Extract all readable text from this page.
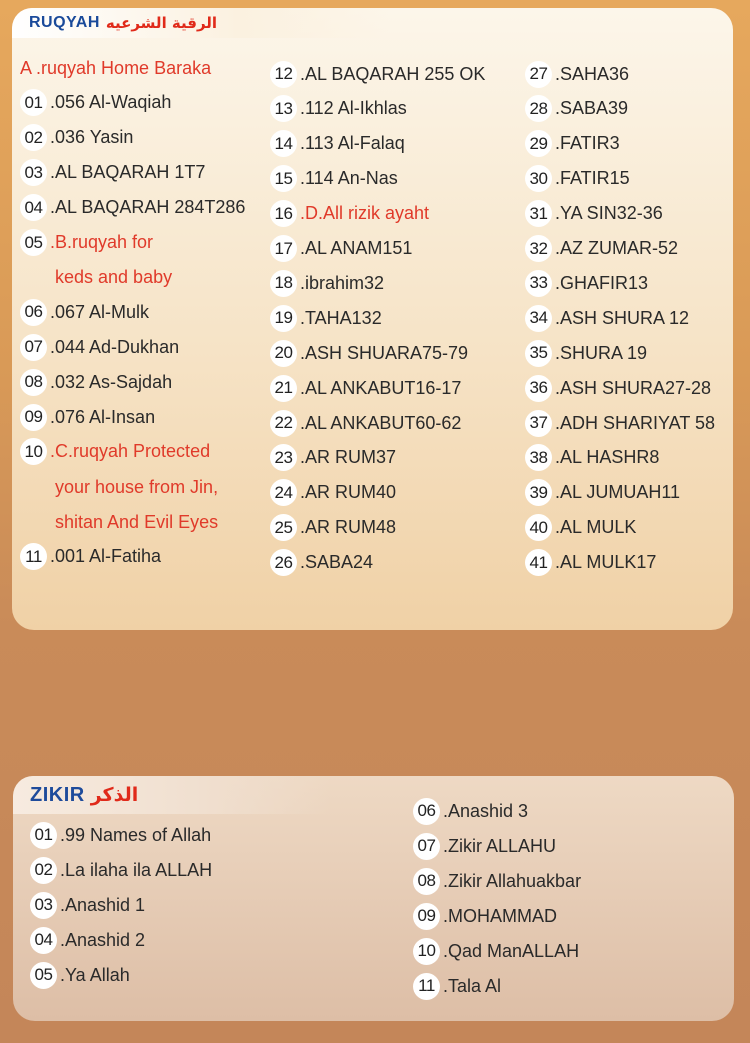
RUQYAH الرقية الشرعيه
A .ruqyah Home Baraka
01 .056 Al-Waqiah
02 .036 Yasin
03 .AL BAQARAH 1T7
04 .AL BAQARAH 284T286
05 .B.ruqyah for
keds and baby
06 .067 Al-Mulk
07 .044 Ad-Dukhan
08 .032 As-Sajdah
09 .076 Al-Insan
10 .C.ruqyah Protected
your house from Jin,
shitan And Evil Eyes
11 .001 Al-Fatiha
12 .AL BAQARAH 255 OK
13 .112 Al-Ikhlas
14 .113 Al-Falaq
15 .114 An-Nas
16 .D.All rizik ayaht
17 .AL ANAM151
18 .ibrahim32
19 .TAHA132
20 .ASH SHUARA75-79
21 .AL ANKABUT16-17
22 .AL ANKABUT60-62
23 .AR RUM37
24 .AR RUM40
25 .AR RUM48
26 .SABA24
27 .SAHA36
28 .SABA39
29 .FATIR3
30 .FATIR15
31 .YA SIN32-36
32 .AZ ZUMAR-52
33 .GHAFIR13
34 .ASH SHURA 12
35 .SHURA 19
36 .ASH SHURA27-28
37 .ADH SHARIYAT 58
38 .AL HASHR8
39 .AL JUMUAH11
40 .AL MULK
41 .AL MULK17
ZIKIR الذكر
01 .99 Names of Allah
02 .La ilaha ila ALLAH
03 .Anashid 1
04 .Anashid 2
05 .Ya Allah
06 .Anashid 3
07 .Zikir ALLAHU
08 .Zikir Allahuakbar
09 .MOHAMMAD
10 .Qad ManALLAH
11 .Tala Al
